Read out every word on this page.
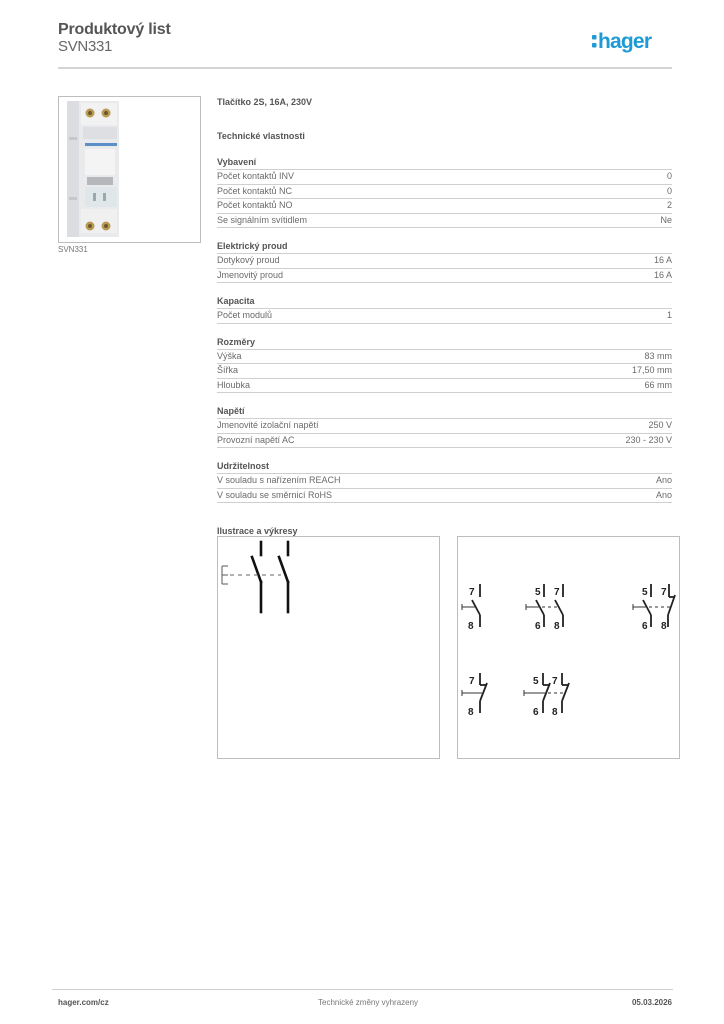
Produktový list
SVN331	hager
SVN331
Tlačítko 2S, 16A, 230V
Technické vlastnosti
Vybavení
Počet kontaktů INV	0
Počet kontaktů NC	0
Počet kontaktů NO	2
Se signálním svítidlem	Ne
Elektrický proud
Dotykový proud	16 A
Jmenovitý proud	16 A
Kapacita
Počet modulů	1
Rozměry
Výška	83 mm
Šířka	17,50 mm
Hloubka	66 mm
Napětí
Jmenovité izolační napětí	250 V
Provozní napětí AC	230 - 230 V
Udržitelnost
V souladu s nařízením REACH	Ano
V souladu se směrnicí RoHS	Ano
Ilustrace a výkresy
7
8
5 7
6 8
5 7
6 8
7
8
5 7
6 8
hager.com/cz	Technické změny vyhrazeny	05.03.2026
